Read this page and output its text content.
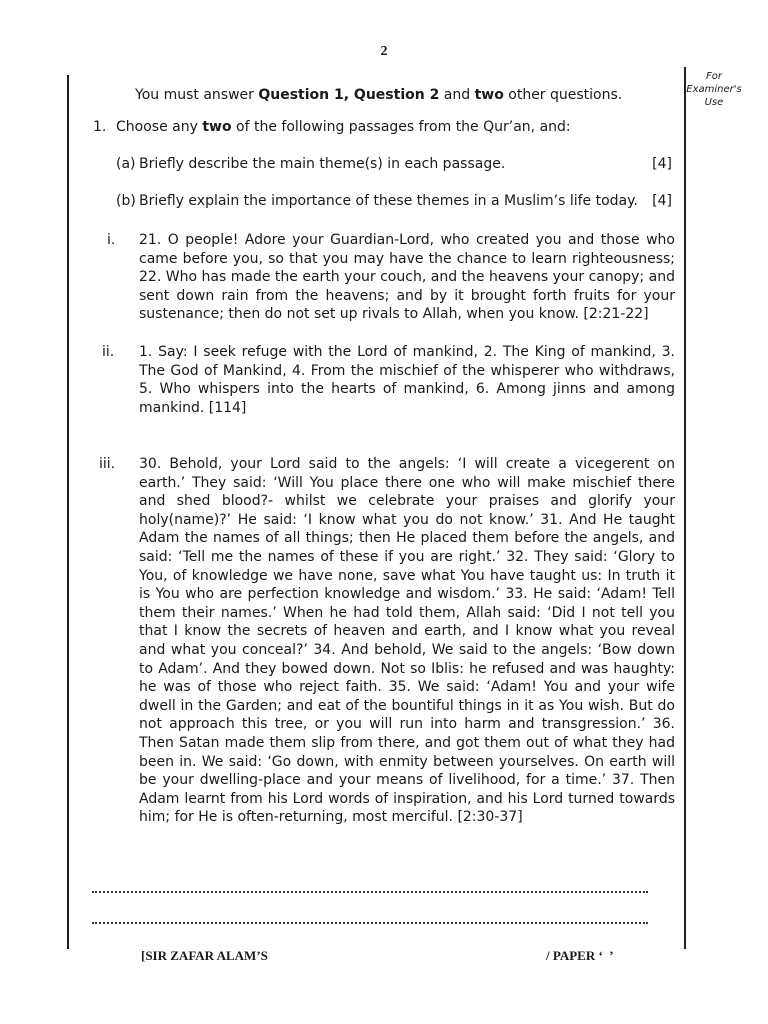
2
For
Examiner's
Use
You must answer Question 1, Question 2 and two other questions.
1. Choose any two of the following passages from the Qur’an, and:
(a) Briefly describe the main theme(s) in each passage.	[4]
(b) Briefly explain the importance of these themes in a Muslim’s life today. [4]
i. 21. O people! Adore your Guardian-Lord, who created you and those who came before you, so that you may have the chance to learn righteousness; 22. Who has made the earth your couch, and the heavens your canopy; and sent down rain from the heavens; and by it brought forth fruits for your sustenance; then do not set up rivals to Allah, when you know. [2:21-22]
ii. 1. Say: I seek refuge with the Lord of mankind, 2. The King of mankind, 3. The God of Mankind, 4. From the mischief of the whisperer who withdraws, 5. Who whispers into the hearts of mankind, 6. Among jinns and among mankind. [114]
iii. 30. Behold, your Lord said to the angels: ‘I will create a vicegerent on earth.’ They said: ‘Will You place there one who will make mischief there and shed blood?- whilst we celebrate your praises and glorify your holy(name)?’ He said: ‘I know what you do not know.’ 31. And He taught Adam the names of all things; then He placed them before the angels, and said: ‘Tell me the names of these if you are right.’ 32. They said: ‘Glory to You, of knowledge we have none, save what You have taught us: In truth it is You who are perfection knowledge and wisdom.’ 33. He said: ‘Adam! Tell them their names.’ When he had told them, Allah said: ‘Did I not tell you that I know the secrets of heaven and earth, and I know what you reveal and what you conceal?’ 34. And behold, We said to the angels: ‘Bow down to Adam’. And they bowed down. Not so Iblis: he refused and was haughty: he was of those who reject faith. 35. We said: ‘Adam! You and your wife dwell in the Garden; and eat of the bountiful things in it as You wish. But do not approach this tree, or you will run into harm and transgression.’ 36. Then Satan made them slip from there, and got them out of what they had been in. We said: ‘Go down, with enmity between yourselves. On earth will be your dwelling-place and your means of livelihood, for a time.’ 37. Then Adam learnt from his Lord words of inspiration, and his Lord turned towards him; for He is often-returning, most merciful. [2:30-37]
[SIR ZAFAR ALAM’S	/ PAPER ‘  ’
